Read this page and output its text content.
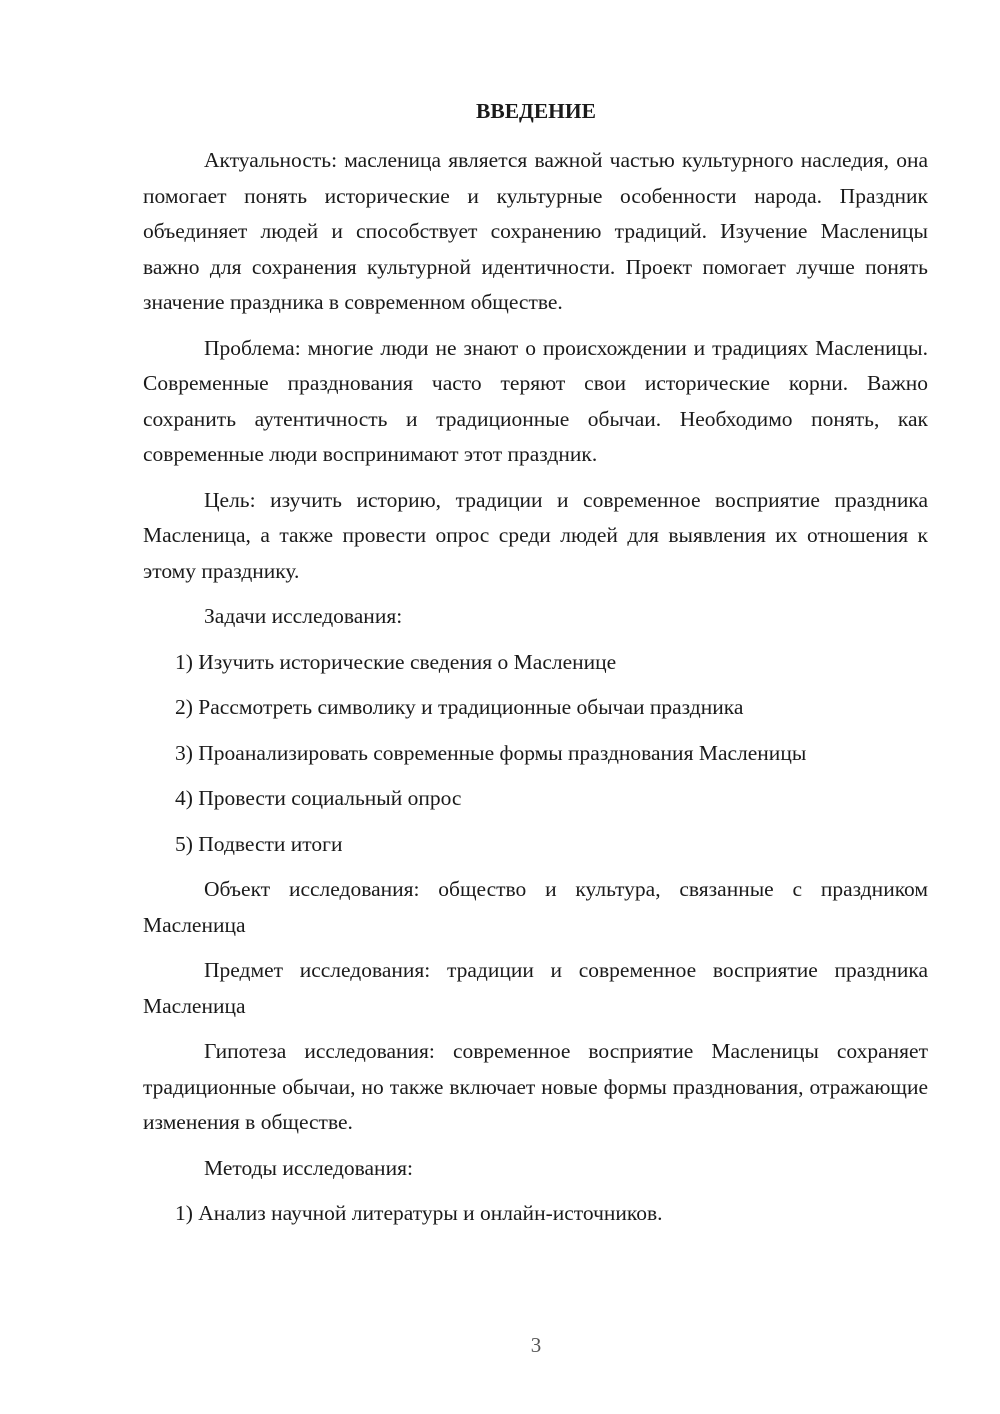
ВВЕДЕНИЕ

Актуальность: масленица является важной частью культурного наследия, она помогает понять исторические и культурные особенности народа. Праздник объединяет людей и способствует сохранению традиций. Изучение Масленицы важно для сохранения культурной идентичности. Проект помогает лучше понять значение праздника в современном обществе.

Проблема: многие люди не знают о происхождении и традициях Масленицы. Современные празднования часто теряют свои исторические корни. Важно сохранить аутентичность и традиционные обычаи. Необходимо понять, как современные люди воспринимают этот праздник.

Цель: изучить историю, традиции и современное восприятие праздника Масленица, а также провести опрос среди людей для выявления их отношения к этому празднику.

Задачи исследования:

1) Изучить исторические сведения о Масленице

2) Рассмотреть символику и традиционные обычаи праздника

3) Проанализировать современные формы празднования Масленицы

4) Провести социальный опрос

5) Подвести итоги

Объект исследования: общество и культура, связанные с праздником Масленица

Предмет исследования: традиции и современное восприятие праздника Масленица

Гипотеза исследования: современное восприятие Масленицы сохраняет традиционные обычаи, но также включает новые формы празднования, отражающие изменения в обществе.

Методы исследования:

1) Анализ научной литературы и онлайн-источников.

3
